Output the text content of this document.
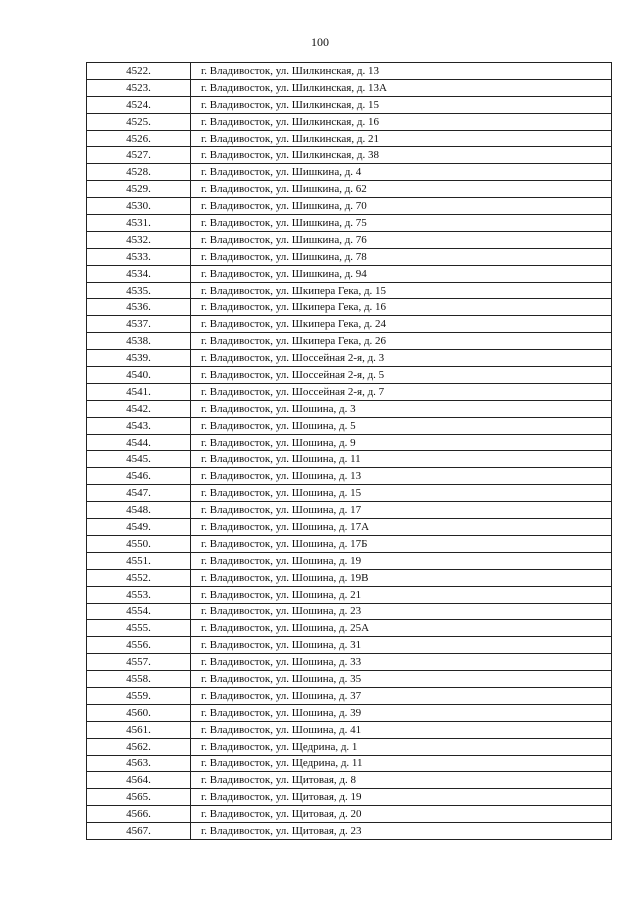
100
4522.	г. Владивосток, ул. Шилкинская, д. 13
4523.	г. Владивосток, ул. Шилкинская, д. 13А
4524.	г. Владивосток, ул. Шилкинская, д. 15
4525.	г. Владивосток, ул. Шилкинская, д. 16
4526.	г. Владивосток, ул. Шилкинская, д. 21
4527.	г. Владивосток, ул. Шилкинская, д. 38
4528.	г. Владивосток, ул. Шишкина, д. 4
4529.	г. Владивосток, ул. Шишкина, д. 62
4530.	г. Владивосток, ул. Шишкина, д. 70
4531.	г. Владивосток, ул. Шишкина, д. 75
4532.	г. Владивосток, ул. Шишкина, д. 76
4533.	г. Владивосток, ул. Шишкина, д. 78
4534.	г. Владивосток, ул. Шишкина, д. 94
4535.	г. Владивосток, ул. Шкипера Гека, д. 15
4536.	г. Владивосток, ул. Шкипера Гека, д. 16
4537.	г. Владивосток, ул. Шкипера Гека, д. 24
4538.	г. Владивосток, ул. Шкипера Гека, д. 26
4539.	г. Владивосток, ул. Шоссейная 2-я, д. 3
4540.	г. Владивосток, ул. Шоссейная 2-я, д. 5
4541.	г. Владивосток, ул. Шоссейная 2-я, д. 7
4542.	г. Владивосток, ул. Шошина, д. 3
4543.	г. Владивосток, ул. Шошина, д. 5
4544.	г. Владивосток, ул. Шошина, д. 9
4545.	г. Владивосток, ул. Шошина, д. 11
4546.	г. Владивосток, ул. Шошина, д. 13
4547.	г. Владивосток, ул. Шошина, д. 15
4548.	г. Владивосток, ул. Шошина, д. 17
4549.	г. Владивосток, ул. Шошина, д. 17А
4550.	г. Владивосток, ул. Шошина, д. 17Б
4551.	г. Владивосток, ул. Шошина, д. 19
4552.	г. Владивосток, ул. Шошина, д. 19В
4553.	г. Владивосток, ул. Шошина, д. 21
4554.	г. Владивосток, ул. Шошина, д. 23
4555.	г. Владивосток, ул. Шошина, д. 25А
4556.	г. Владивосток, ул. Шошина, д. 31
4557.	г. Владивосток, ул. Шошина, д. 33
4558.	г. Владивосток, ул. Шошина, д. 35
4559.	г. Владивосток, ул. Шошина, д. 37
4560.	г. Владивосток, ул. Шошина, д. 39
4561.	г. Владивосток, ул. Шошина, д. 41
4562.	г. Владивосток, ул. Щедрина, д. 1
4563.	г. Владивосток, ул. Щедрина, д. 11
4564.	г. Владивосток, ул. Щитовая, д. 8
4565.	г. Владивосток, ул. Щитовая, д. 19
4566.	г. Владивосток, ул. Щитовая, д. 20
4567.	г. Владивосток, ул. Щитовая, д. 23
